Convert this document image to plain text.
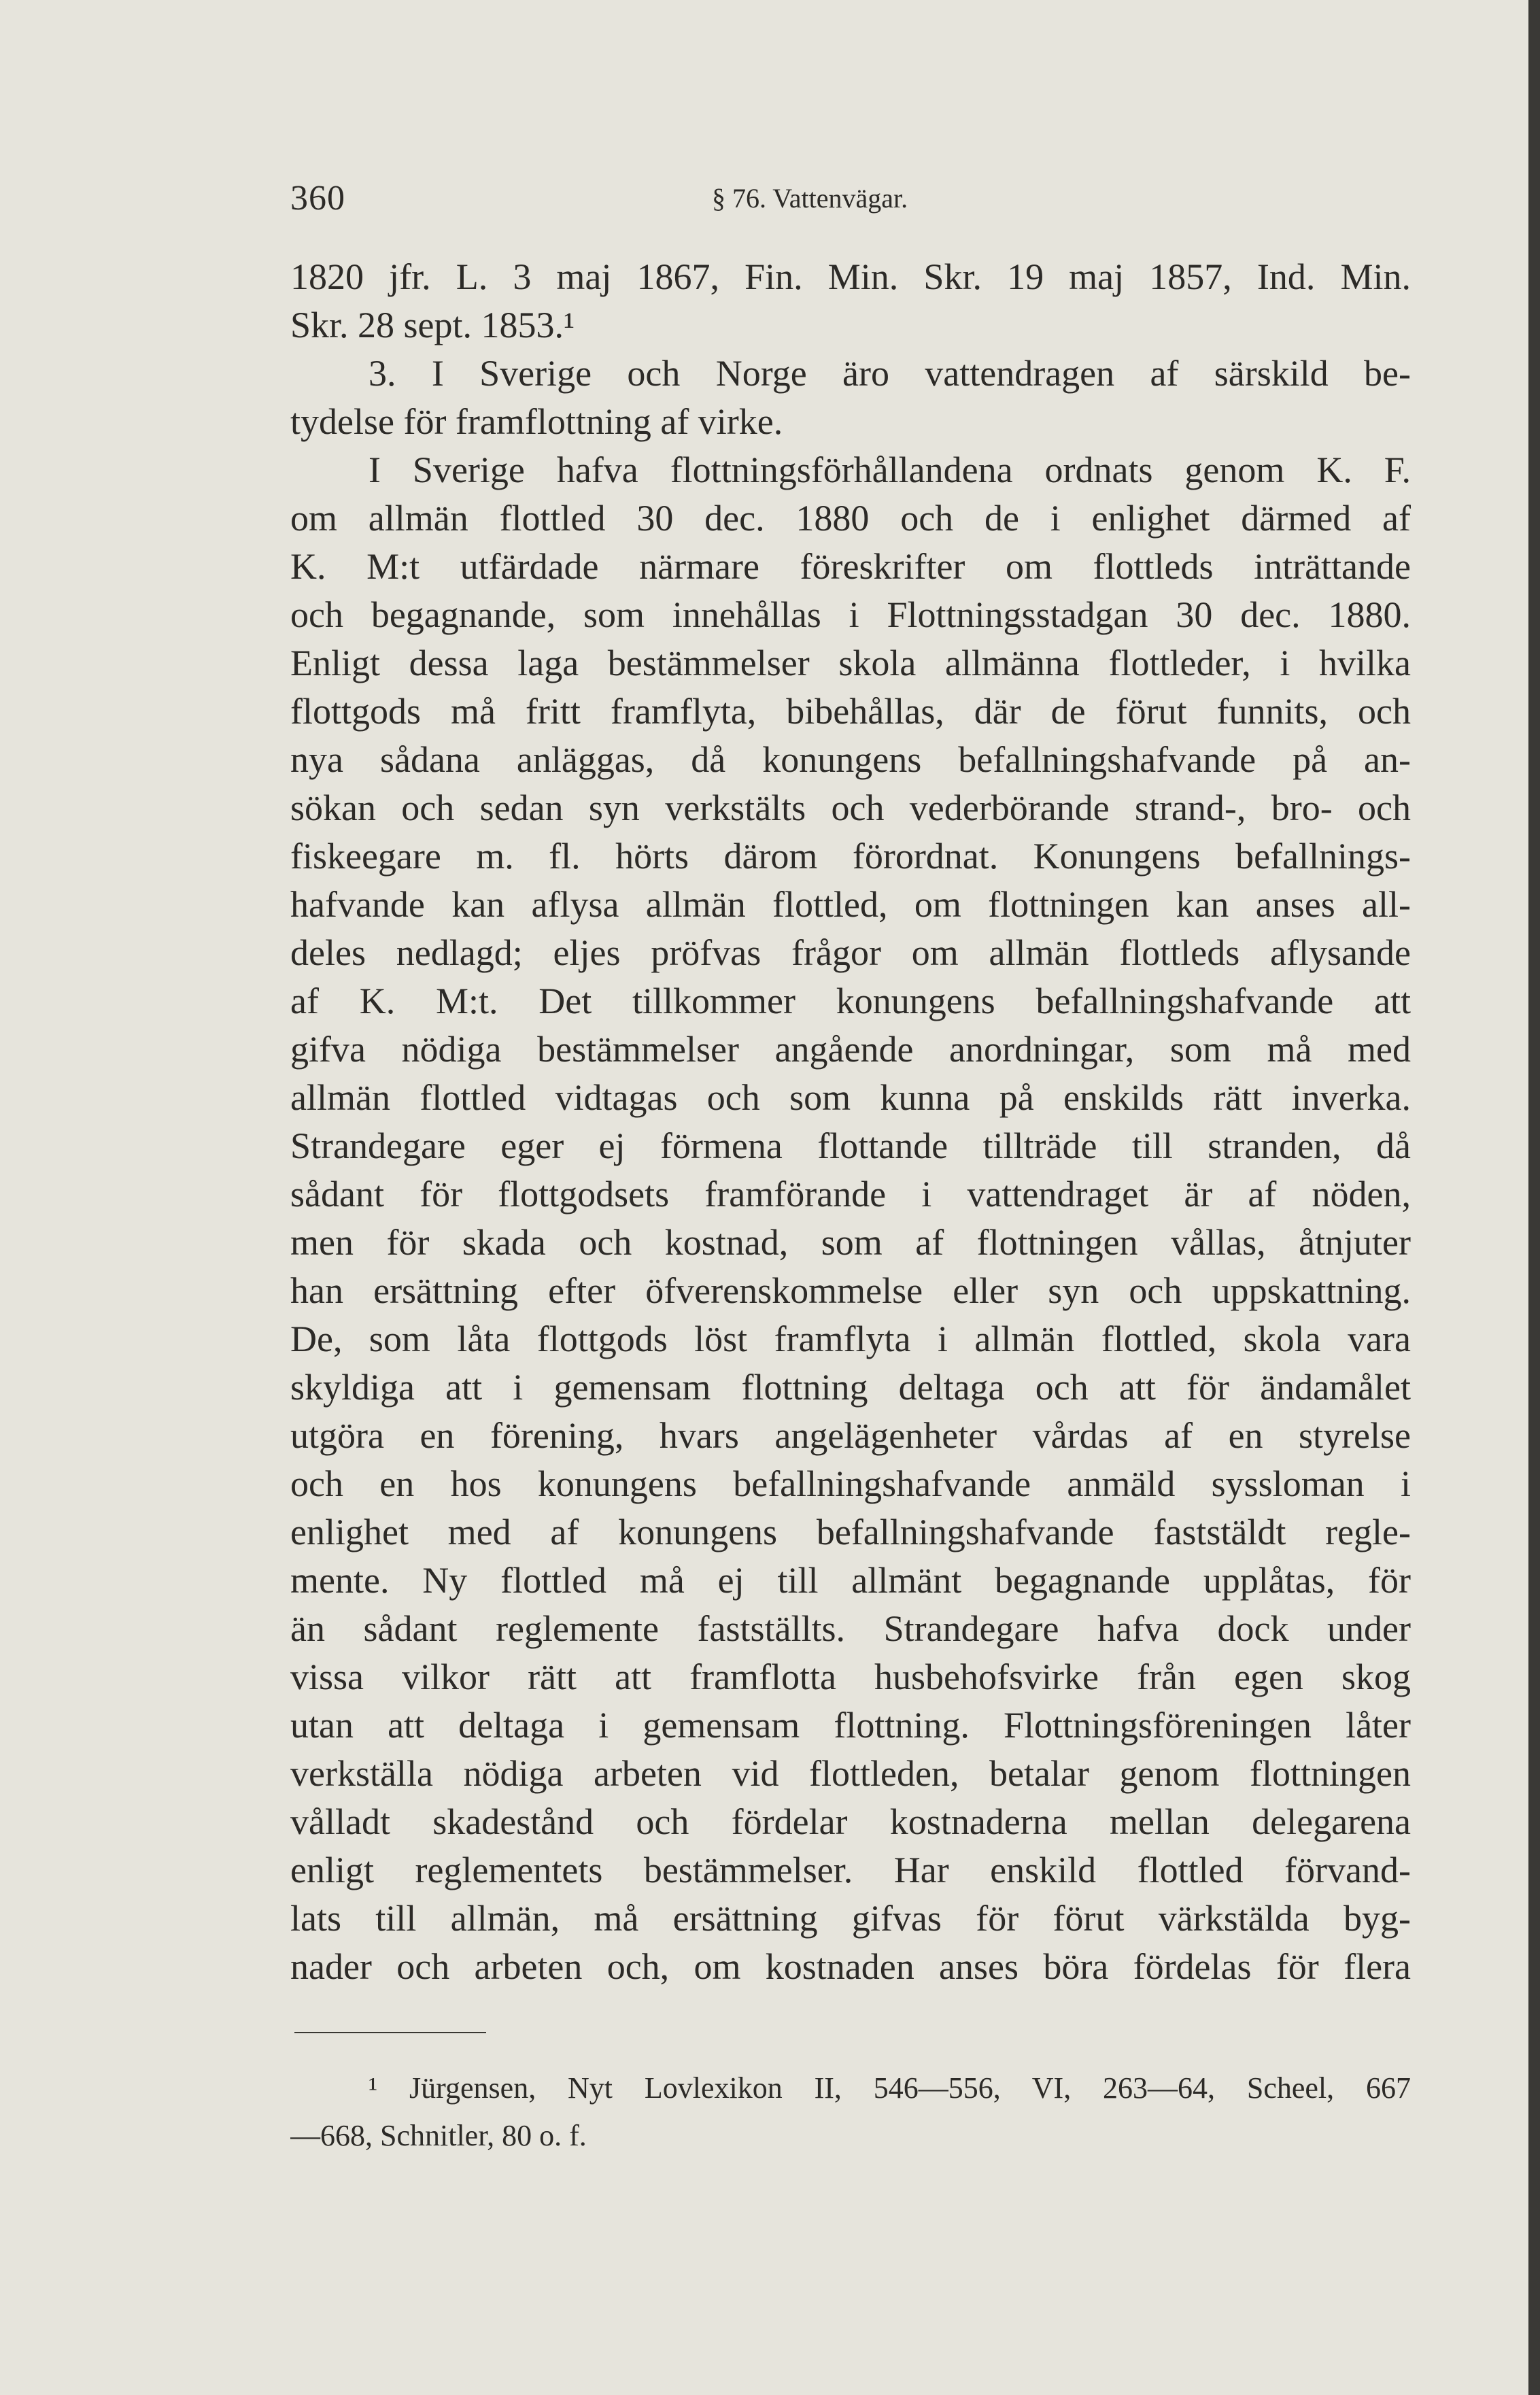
360	§ 76. Vattenvägar.
1820 jfr. L. 3 maj 1867, Fin. Min. Skr. 19 maj 1857, Ind. Min.
Skr. 28 sept. 1853.¹
3. I Sverige och Norge äro vattendragen af särskild be-
tydelse för framflottning af virke.
I Sverige hafva flottningsförhållandena ordnats genom K. F.
om allmän flottled 30 dec. 1880 och de i enlighet därmed af
K. M:t utfärdade närmare föreskrifter om flottleds inträttande
och begagnande, som innehållas i Flottningsstadgan 30 dec. 1880.
Enligt dessa laga bestämmelser skola allmänna flottleder, i hvilka
flottgods må fritt framflyta, bibehållas, där de förut funnits, och
nya sådana anläggas, då konungens befallningshafvande på an-
sökan och sedan syn verkstälts och vederbörande strand-, bro- och
fiskeegare m. fl. hörts därom förordnat. Konungens befallnings-
hafvande kan aflysa allmän flottled, om flottningen kan anses all-
deles nedlagd; eljes pröfvas frågor om allmän flottleds aflysande
af K. M:t. Det tillkommer konungens befallningshafvande att
gifva nödiga bestämmelser angående anordningar, som må med
allmän flottled vidtagas och som kunna på enskilds rätt inverka.
Strandegare eger ej förmena flottande tillträde till stranden, då
sådant för flottgodsets framförande i vattendraget är af nöden,
men för skada och kostnad, som af flottningen vållas, åtnjuter
han ersättning efter öfverenskommelse eller syn och uppskattning.
De, som låta flottgods löst framflyta i allmän flottled, skola vara
skyldiga att i gemensam flottning deltaga och att för ändamålet
utgöra en förening, hvars angelägenheter vårdas af en styrelse
och en hos konungens befallningshafvande anmäld syssloman i
enlighet med af konungens befallningshafvande faststäldt regle-
mente. Ny flottled må ej till allmänt begagnande upplåtas, för
än sådant reglemente fastställts. Strandegare hafva dock under
vissa vilkor rätt att framflotta husbehofsvirke från egen skog
utan att deltaga i gemensam flottning. Flottningsföreningen låter
verkställa nödiga arbeten vid flottleden, betalar genom flottningen
vålladt skadestånd och fördelar kostnaderna mellan delegarena
enligt reglementets bestämmelser. Har enskild flottled förvand-
lats till allmän, må ersättning gifvas för förut värkstälda byg-
nader och arbeten och, om kostnaden anses böra fördelas för flera
¹ Jürgensen, Nyt Lovlexikon II, 546—556, VI, 263—64, Scheel, 667
—668, Schnitler, 80 o. f.
